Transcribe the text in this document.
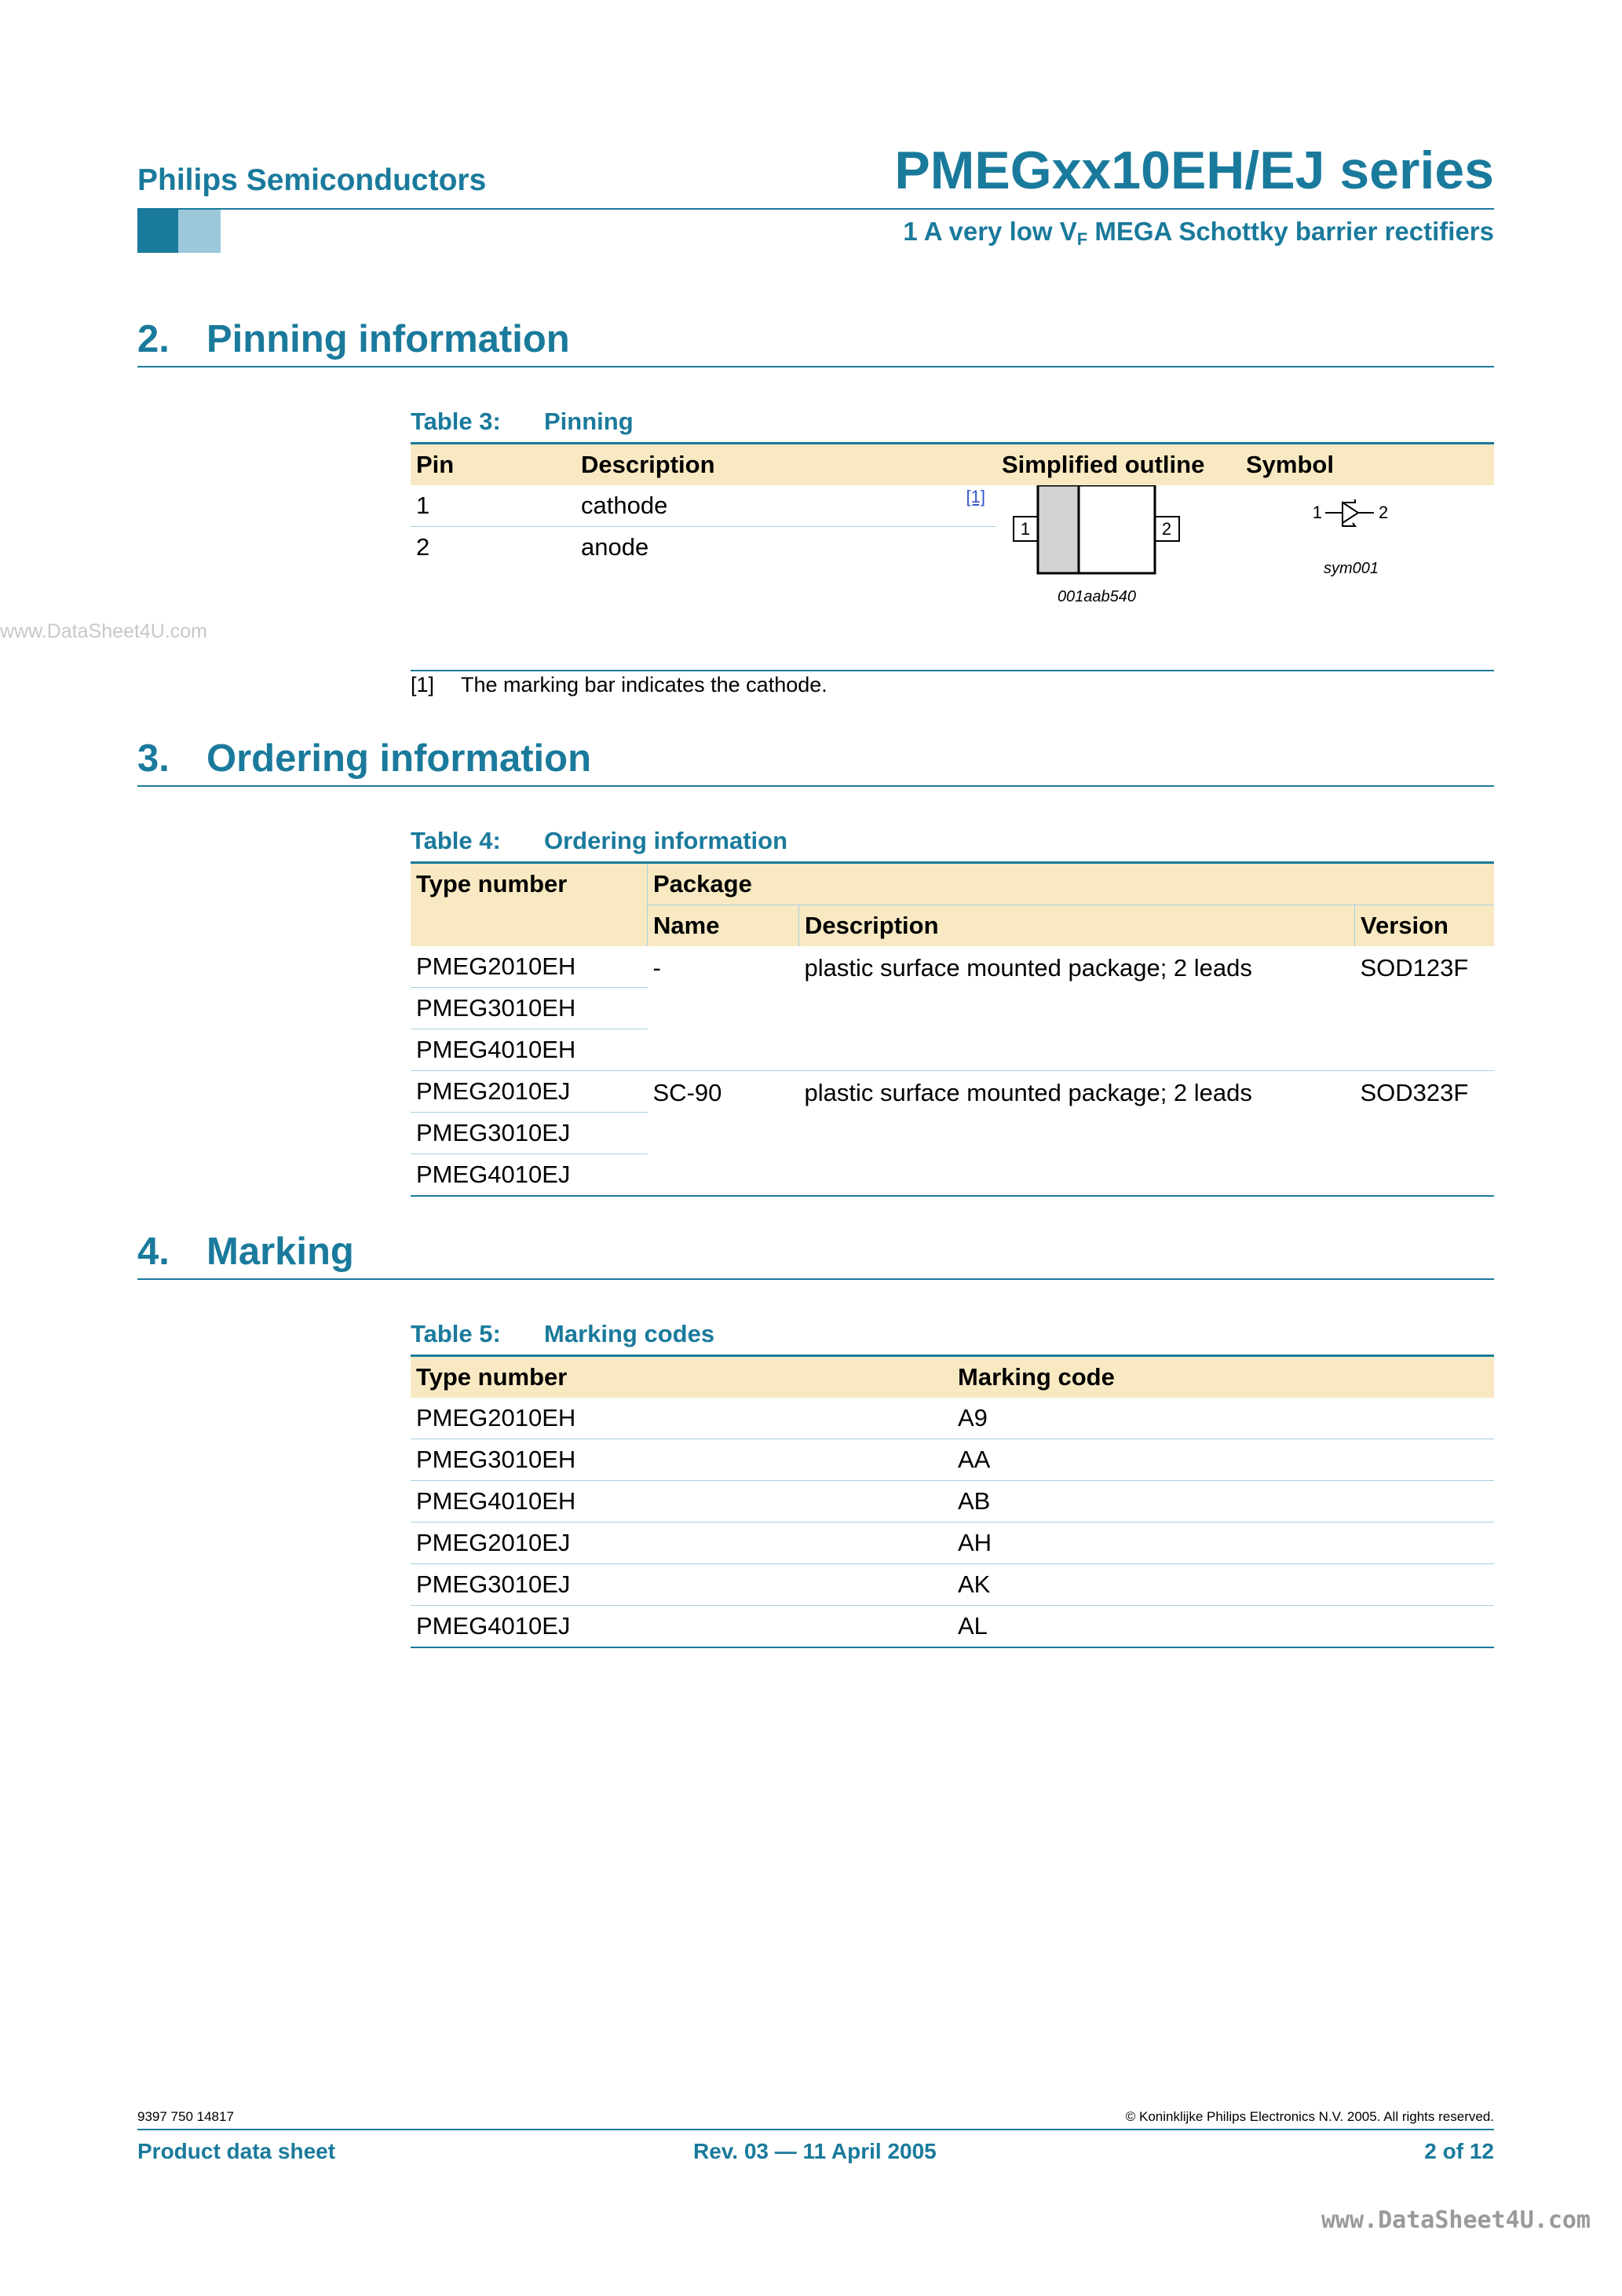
Philips Semiconductors	PMEGxx10EH/EJ series
1 A very low $V_F$ MEGA Schottky barrier rectifiers
www.DataSheet4U.com
2. Pinning information
Table 3: Pinning
Pin	Description	Simplified outline	Symbol
1	cathode [1]	1 2
001aab540	1 2
sym001

2	anode		

[1] The marking bar indicates the cathode.
3. Ordering information
Table 4: Ordering information
Type number	Package		
	Name	Description	Version
PMEG2010EH	-	plastic surface mounted package; 2 leads	SOD123F
PMEG3010EH			
PMEG4010EH			
PMEG2010EJ	SC-90	plastic surface mounted package; 2 leads	SOD323F
PMEG3010EJ			
PMEG4010EJ			
4. Marking
Table 5: Marking codes
Type number	Marking code
PMEG2010EH	A9
PMEG3010EH	AA
PMEG4010EH	AB
PMEG2010EJ	AH
PMEG3010EJ	AK
PMEG4010EJ	AL
9397 750 14817	© Koninklijke Philips Electronics N.V. 2005. All rights reserved.
Product data sheet	Rev. 03 — 11 April 2005	2 of 12
www.DataSheet4U.com
